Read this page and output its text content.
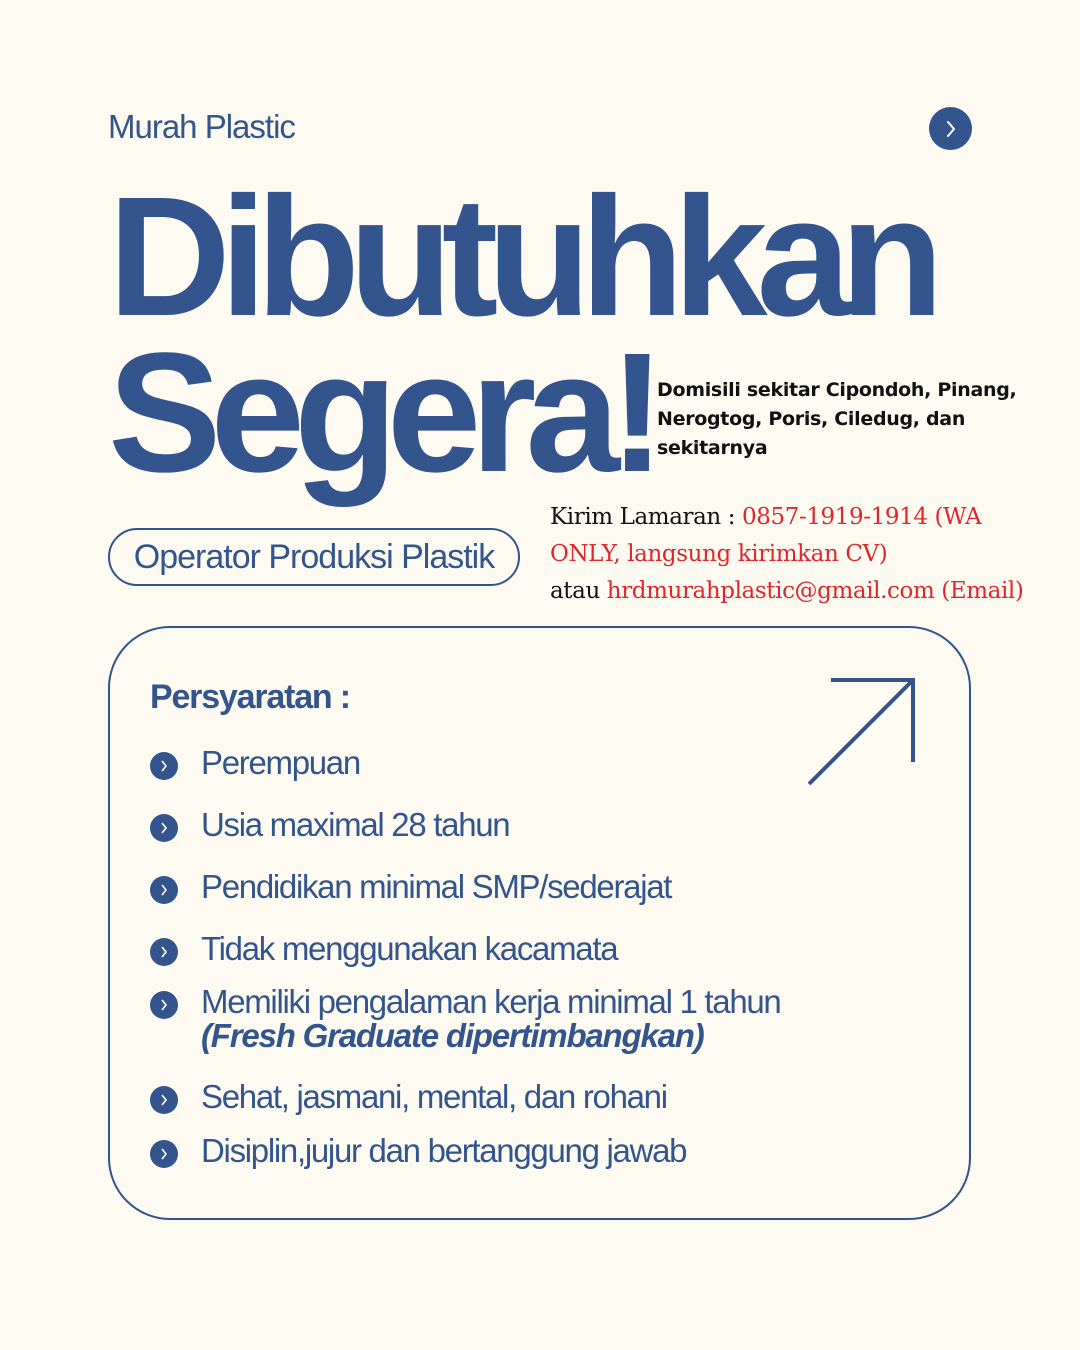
Murah Plastic
Dibutuhkan
Segera! Domisili sekitar Cipondoh, Pinang,
Nerogtog, Poris, Ciledug, dan sekitarnya
Kirim Lamaran : 0857-1919-1914 (WA ONLY, langsung kirimkan CV)
atau hrdmurahplastic@gmail.com (Email)
Operator Produksi Plastik
Persyaratan :
Perempuan
Usia maximal 28 tahun
Pendidikan minimal SMP/sederajat
Tidak menggunakan kacamata
Memiliki pengalaman kerja minimal 1 tahun
(Fresh Graduate dipertimbangkan)
Sehat, jasmani, mental, dan rohani
Disiplin,jujur dan bertanggung jawab
